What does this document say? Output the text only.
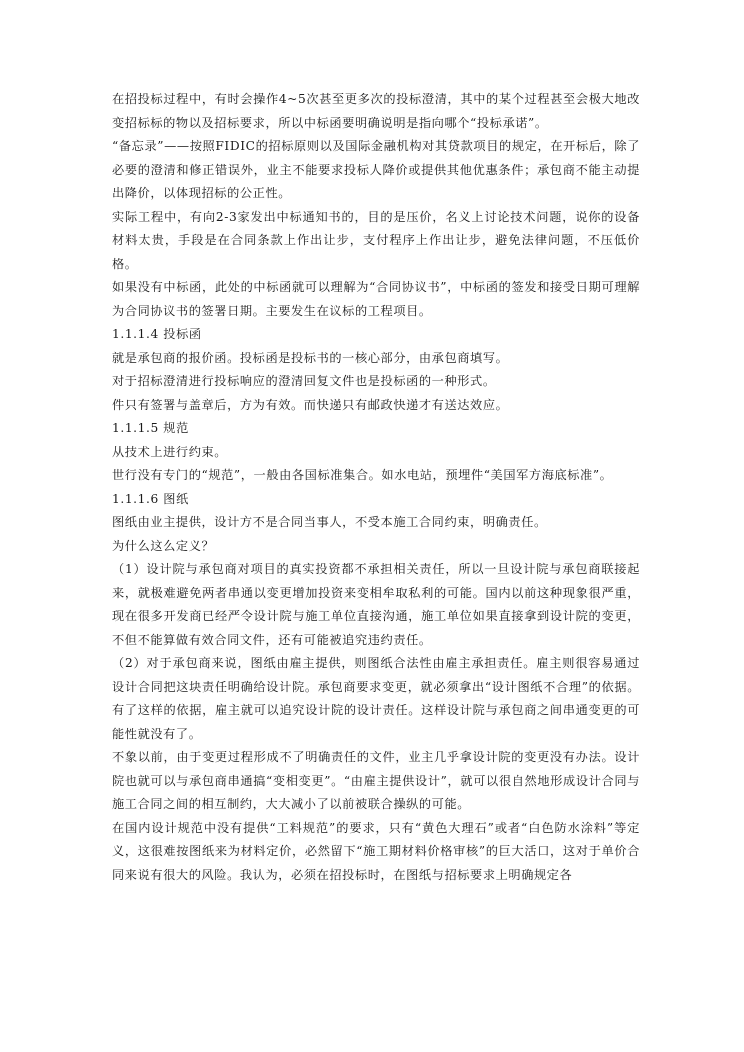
在招投标过程中，有时会操作4~5次甚至更多次的投标澄清，其中的某个过程甚至会极大地改变招标标的物以及招标要求，所以中标函要明确说明是指向哪个“投标承诺”。

“备忘录”——按照FIDIC的招标原则以及国际金融机构对其贷款项目的规定，在开标后，除了必要的澄清和修正错误外，业主不能要求投标人降价或提供其他优惠条件；承包商不能主动提出降价，以体现招标的公正性。

实际工程中，有向2-3家发出中标通知书的，目的是压价，名义上讨论技术问题，说你的设备材料太贵，手段是在合同条款上作出让步，支付程序上作出让步，避免法律问题，不压低价格。

如果没有中标函，此处的中标函就可以理解为“合同协议书”，中标函的签发和接受日期可理解为合同协议书的签署日期。主要发生在议标的工程项目。

1.1.1.4 投标函

就是承包商的报价函。投标函是投标书的一核心部分，由承包商填写。

对于招标澄清进行投标响应的澄清回复文件也是投标函的一种形式。

件只有签署与盖章后，方为有效。而快递只有邮政快递才有送达效应。

1.1.1.5 规范

从技术上进行约束。

世行没有专门的“规范”，一般由各国标准集合。如水电站，预埋件“美国军方海底标准”。

1.1.1.6 图纸

图纸由业主提供，设计方不是合同当事人，不受本施工合同约束，明确责任。

为什么这么定义？

（1）设计院与承包商对项目的真实投资都不承担相关责任，所以一旦设计院与承包商联接起来，就极难避免两者串通以变更增加投资来变相牟取私利的可能。国内以前这种现象很严重，现在很多开发商已经严令设计院与施工单位直接沟通，施工单位如果直接拿到设计院的变更，不但不能算做有效合同文件，还有可能被追究违约责任。

（2）对于承包商来说，图纸由雇主提供，则图纸合法性由雇主承担责任。雇主则很容易通过设计合同把这块责任明确给设计院。承包商要求变更，就必须拿出“设计图纸不合理”的依据。有了这样的依据，雇主就可以追究设计院的设计责任。这样设计院与承包商之间串通变更的可能性就没有了。

不象以前，由于变更过程形成不了明确责任的文件，业主几乎拿设计院的变更没有办法。设计院也就可以与承包商串通搞“变相变更”。“由雇主提供设计”，就可以很自然地形成设计合同与施工合同之间的相互制约，大大减小了以前被联合操纵的可能。

在国内设计规范中没有提供“工料规范”的要求，只有“黄色大理石”或者“白色防水涂料”等定义，这很难按图纸来为材料定价，必然留下“施工期材料价格审核”的巨大活口，这对于单价合同来说有很大的风险。我认为，必须在招投标时，在图纸与招标要求上明确规定各
